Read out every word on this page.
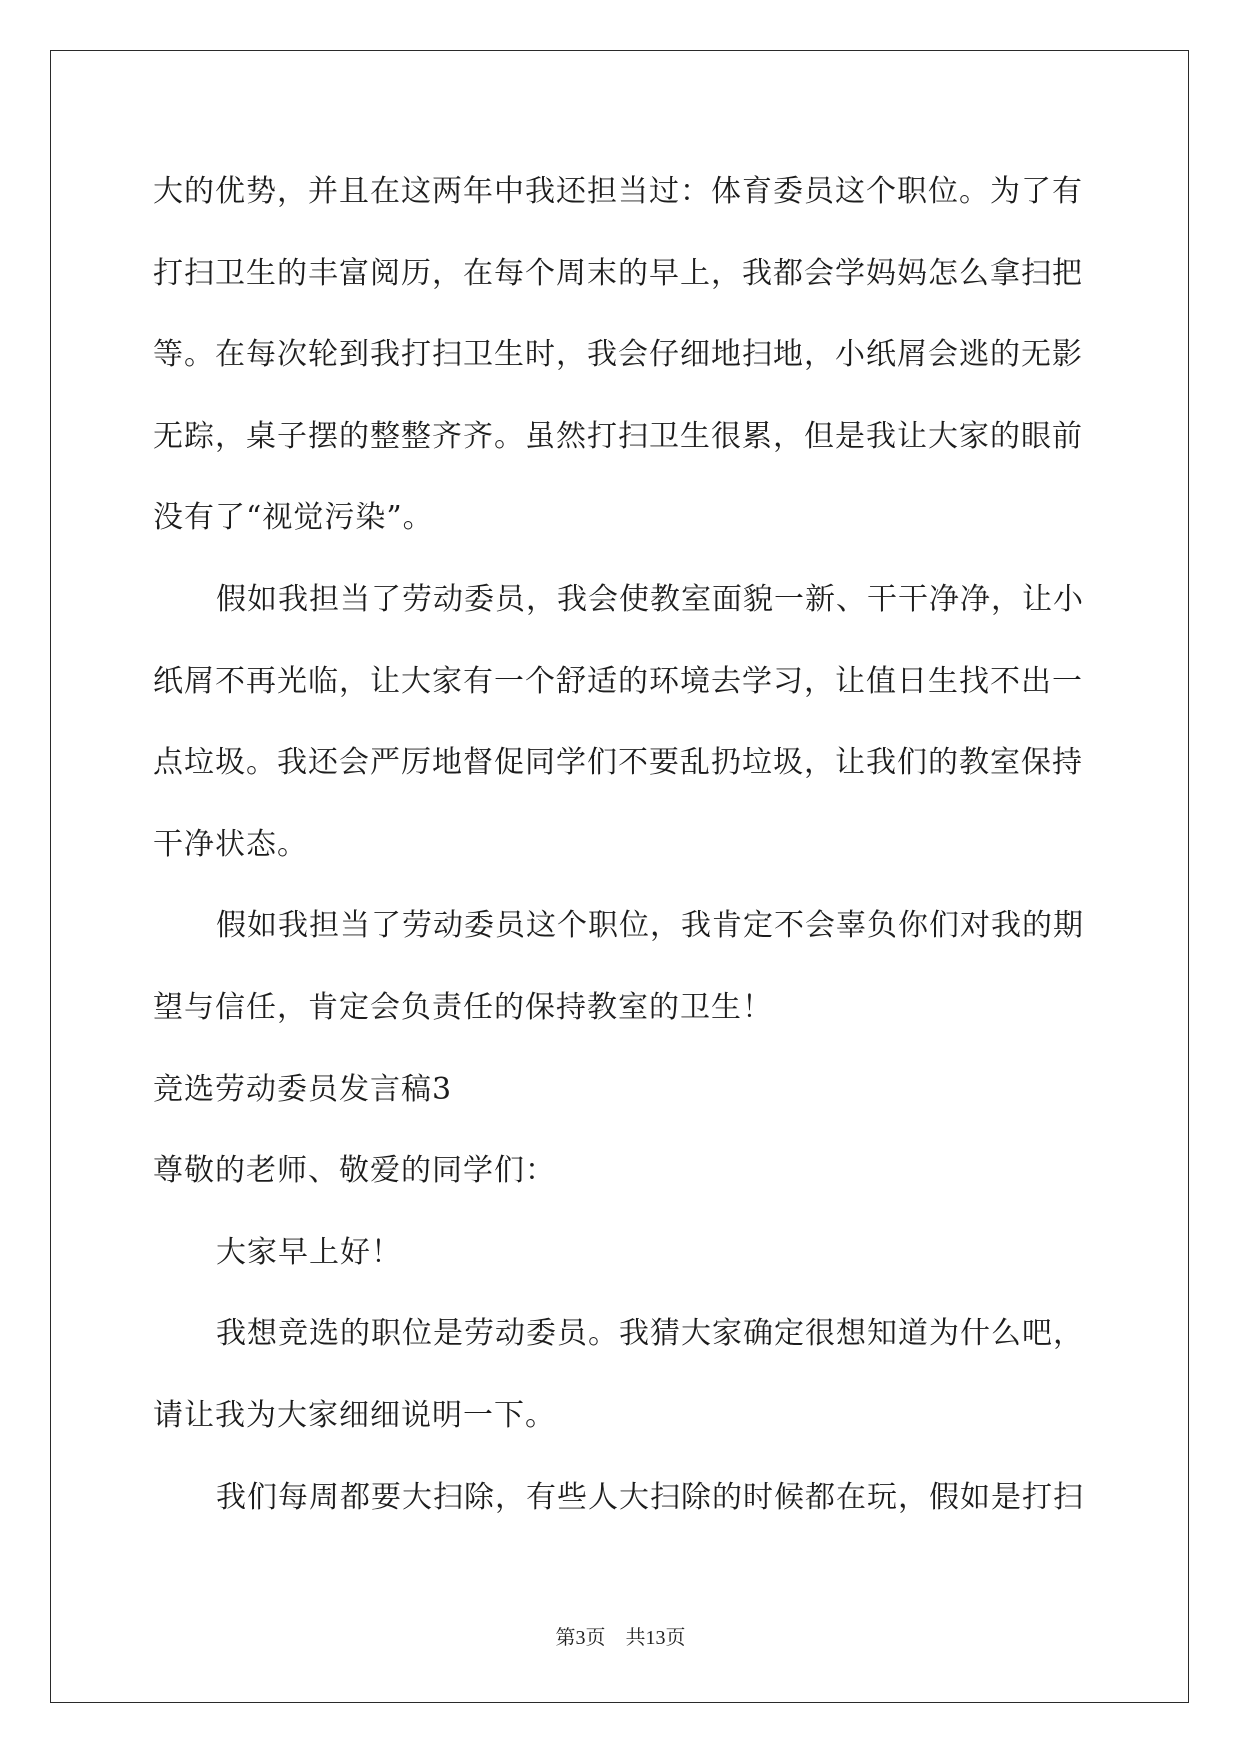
大的优势，并且在这两年中我还担当过：体育委员这个职位。为了有
打扫卫生的丰富阅历，在每个周末的早上，我都会学妈妈怎么拿扫把
等。在每次轮到我打扫卫生时，我会仔细地扫地，小纸屑会逃的无影
无踪，桌子摆的整整齐齐。虽然打扫卫生很累，但是我让大家的眼前
没有了“视觉污染”。
假如我担当了劳动委员，我会使教室面貌一新、干干净净，让小
纸屑不再光临，让大家有一个舒适的环境去学习，让值日生找不出一
点垃圾。我还会严厉地督促同学们不要乱扔垃圾，让我们的教室保持
干净状态。
假如我担当了劳动委员这个职位，我肯定不会辜负你们对我的期
望与信任，肯定会负责任的保持教室的卫生！
竞选劳动委员发言稿3
尊敬的老师、敬爱的同学们：
大家早上好！
我想竞选的职位是劳动委员。我猜大家确定很想知道为什么吧，
请让我为大家细细说明一下。
我们每周都要大扫除，有些人大扫除的时候都在玩，假如是打扫
第3页 共13页
